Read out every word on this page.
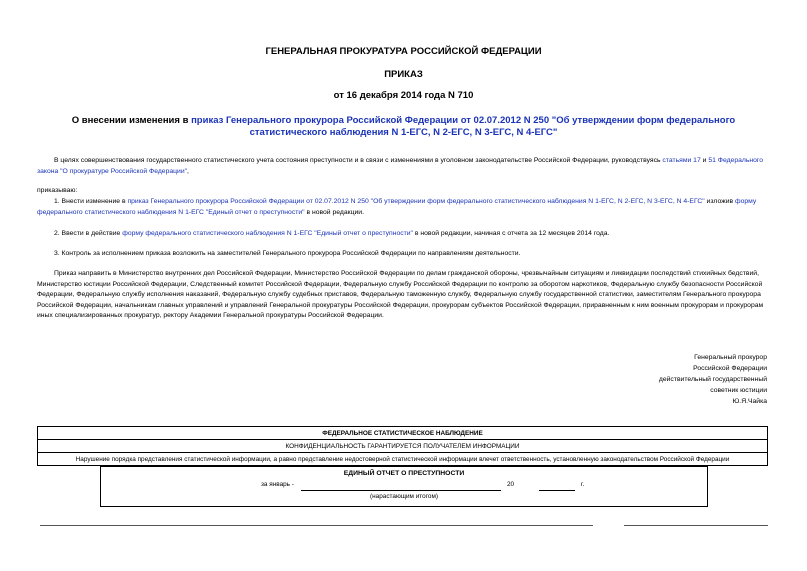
ГЕНЕРАЛЬНАЯ ПРОКУРАТУРА РОССИЙСКОЙ ФЕДЕРАЦИИ
ПРИКАЗ
от 16 декабря 2014 года N 710
О внесении изменения в приказ Генерального прокурора Российской Федерации от 02.07.2012 N 250 "Об утверждении форм федерального статистического наблюдения N 1-ЕГС, N 2-ЕГС, N 3-ЕГС, N 4-ЕГС"
В целях совершенствования государственного статистического учета состояния преступности и в связи с изменениями в уголовном законодательстве Российской Федерации, руководствуясь статьями 17 и 51 Федерального закона "О прокуратуре Российской Федерации",
приказываю:
1. Внести изменение в приказ Генерального прокурора Российской Федерации от 02.07.2012 N 250 "Об утверждении форм федерального статистического наблюдения N 1-ЕГС, N 2-ЕГС, N 3-ЕГС, N 4-ЕГС" изложив форму федерального статистического наблюдения N 1-ЕГС "Единый отчет о преступности" в новой редакции.
2. Ввести в действие форму федерального статистического наблюдения N 1-ЕГС "Единый отчет о преступности" в новой редакции, начиная с отчета за 12 месяцев 2014 года.
3. Контроль за исполнением приказа возложить на заместителей Генерального прокурора Российской Федерации по направлениям деятельности.
Приказ направить в Министерство внутренних дел Российской Федерации, Министерство Российской Федерации по делам гражданской обороны, чрезвычайным ситуациям и ликвидации последствий стихийных бедствий, Министерство юстиции Российской Федерации, Следственный комитет Российской Федерации, Федеральную службу Российской Федерации по контролю за оборотом наркотиков, Федеральную службу безопасности Российской Федерации, Федеральную службу исполнения наказаний, Федеральную службу судебных приставов, Федеральную таможенную службу, Федеральную службу государственной статистики, заместителям Генерального прокурора Российской Федерации, начальникам главных управлений и управлений Генеральной прокуратуры Российской Федерации, прокурорам субъектов Российской Федерации, приравненным к ним военным прокурорам и прокурорам иных специализированных прокуратур, ректору Академии Генеральной прокуратуры Российской Федерации.
Генеральный прокурор
Российской Федерации
действительный государственный
советник юстиции
Ю.Я.Чайка
ФЕДЕРАЛЬНОЕ СТАТИСТИЧЕСКОЕ НАБЛЮДЕНИЕ
КОНФИДЕНЦИАЛЬНОСТЬ ГАРАНТИРУЕТСЯ ПОЛУЧАТЕЛЕМ ИНФОРМАЦИИ
Нарушение порядка представления статистической информации, а равно представление недостоверной статистической информации влечет ответственность, установленную законодательством Российской Федерации
ЕДИНЫЙ ОТЧЕТ О ПРЕСТУПНОСТИ
за январь -	20	г.
(нарастающим итогом)
